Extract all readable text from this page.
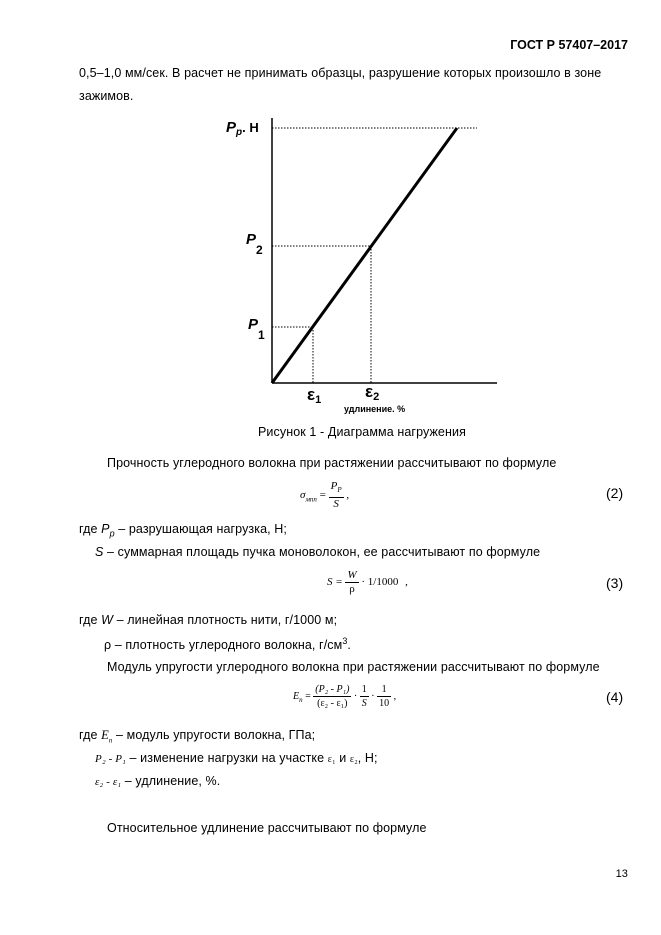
ГОСТ Р 57407–2017
0,5–1,0 мм/сек. В расчет не принимать образцы, разрушение которых произошло в зоне
зажимов.
$P_р$. Н
$P_2$
$P_1$
ε1	ε2
удлинение. %
Рисунок 1 - Диаграмма нагружения
Прочность углеродного волокна при растяжении рассчитывают по формуле
$\sigma_{мпп} = \frac{P_P}{S}$ ,	(2)
где $P_р$ – разрушающая нагрузка, Н;
S – суммарная площадь пучка моноволокон, ее рассчитывают по формуле
$S = \frac{W}{\rho} \cdot 1/1000$ ,	(3)
где W – линейная плотность нити, г/1000 м;
ρ – плотность углеродного волокна, $г/см^3$.
Модуль упругости углеродного волокна при растяжении рассчитывают по формуле
$E_n = \frac{\text{(P₂ - P₁)}}{\text{(ε₂ - ε₁)}} \cdot \frac{1}{S} \cdot \frac{1}{10}$ ,	(4)
где $E_n$ – модуль упругости волокна, ГПа;
P₂ - P₁ – изменение нагрузки на участке ε₁ и ε₂, Н;
ε₂ - ε₁ – удлинение, %.
Относительное удлинение рассчитывают по формуле
13
